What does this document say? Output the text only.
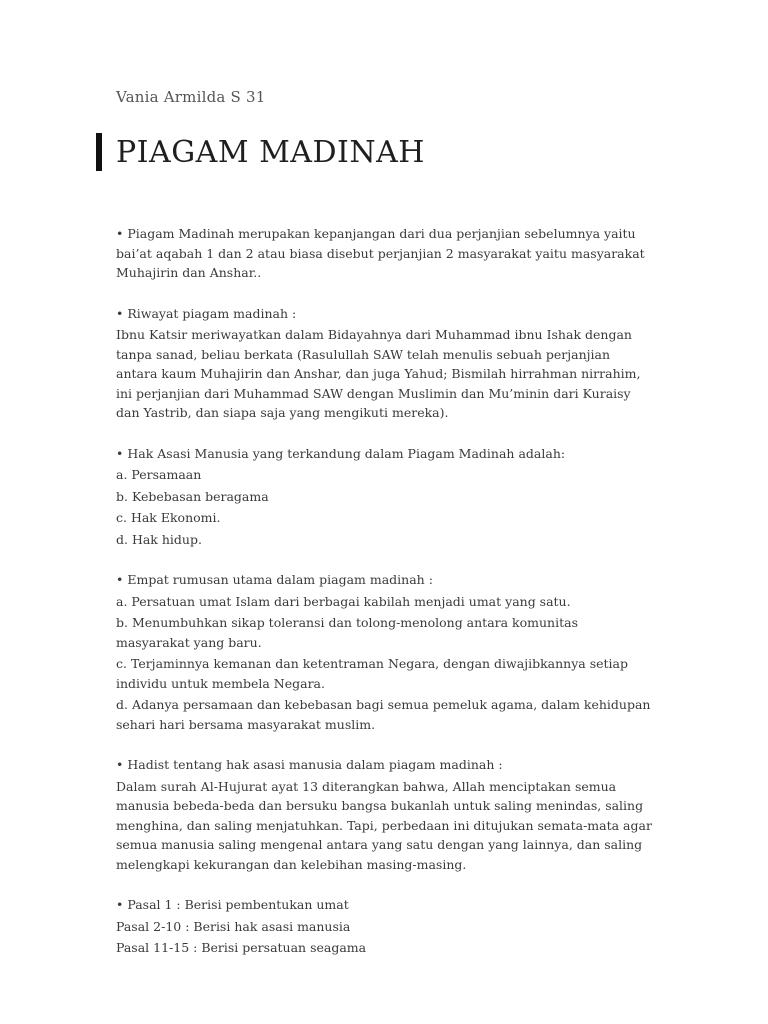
Vania Armilda S 31
PIAGAM MADINAH

• Piagam Madinah merupakan kepanjangan dari dua perjanjian sebelumnya yaitu bai’at aqabah 1 dan 2 atau biasa disebut perjanjian 2 masyarakat yaitu masyarakat Muhajirin dan Anshar..

• Riwayat piagam madinah :

Ibnu Katsir meriwayatkan dalam Bidayahnya dari Muhammad ibnu Ishak dengan tanpa sanad, beliau berkata (Rasulullah SAW telah menulis sebuah perjanjian antara kaum Muhajirin dan Anshar, dan juga Yahud; Bismilah hirrahman nirrahim, ini perjanjian dari Muhammad SAW dengan Muslimin dan Mu’minin dari Kuraisy dan Yastrib, dan siapa saja yang mengikuti mereka).

• Hak Asasi Manusia yang terkandung dalam Piagam Madinah adalah:

a. Persamaan

b. Kebebasan beragama

c. Hak Ekonomi.

d. Hak hidup.

• Empat rumusan utama dalam piagam madinah :

a. Persatuan umat Islam dari berbagai kabilah menjadi umat yang satu.

b. Menumbuhkan sikap toleransi dan tolong-menolong antara komunitas masyarakat yang baru.

c. Terjaminnya kemanan dan ketentraman Negara, dengan diwajibkannya setiap individu untuk membela Negara.

d. Adanya persamaan dan kebebasan bagi semua pemeluk agama, dalam kehidupan sehari hari bersama masyarakat muslim.

• Hadist tentang hak asasi manusia dalam piagam madinah :

Dalam surah Al-Hujurat ayat 13 diterangkan bahwa, Allah menciptakan semua manusia bebeda-beda dan bersuku bangsa bukanlah untuk saling menindas, saling menghina, dan saling menjatuhkan. Tapi, perbedaan ini ditujukan semata-mata agar semua manusia saling mengenal antara yang satu dengan yang lainnya, dan saling melengkapi kekurangan dan kelebihan masing-masing.

• Pasal 1 : Berisi pembentukan umat

Pasal 2-10 : Berisi hak asasi manusia

Pasal 11-15 : Berisi persatuan seagama
